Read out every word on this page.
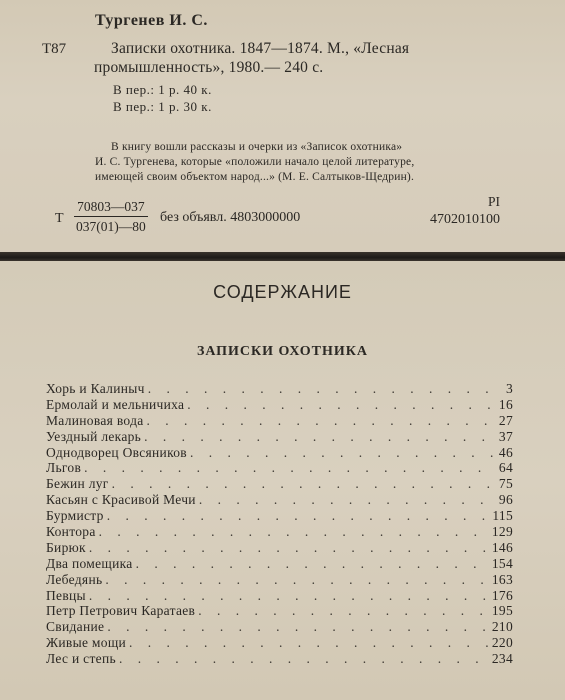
Тургенев И. С.
Т87	Записки охотника. 1847—1874. М., «Лесная
промышленность», 1980.— 240 с.
В пер.: 1 р. 40 к.
В пер.: 1 р. 30 к.
В книгу вошли рассказы и очерки из «Записок охотника»
И. С. Тургенева, которые «положили начало целой литературе,
имеющей своим объектом народ...» (М. Е. Салтыков-Щедрин).
Т
70803—037
037(01)—80
без объявл. 4803000000
PI
4702010100
СОДЕРЖАНИЕ
ЗАПИСКИ ОХОТНИКА
Хорь и Калиныч . . .	3
Ермолай и мельничиха . . .	16
Малиновая вода . . .	27
Уездный лекарь . . .	37
Однодворец Овсяников . . .	46
Льгов . . .	64
Бежин луг . . .	75
Касьян с Красивой Мечи . . .	96
Бурмистр . . .	115
Контора . . .	129
Бирюк . . .	146
Два помещика . . .	154
Лебедянь . . .	163
Певцы . . .	176
Петр Петрович Каратаев . . .	195
Свидание . . .	210
Живые мощи . . .	220
Лес и степь . . .	234
